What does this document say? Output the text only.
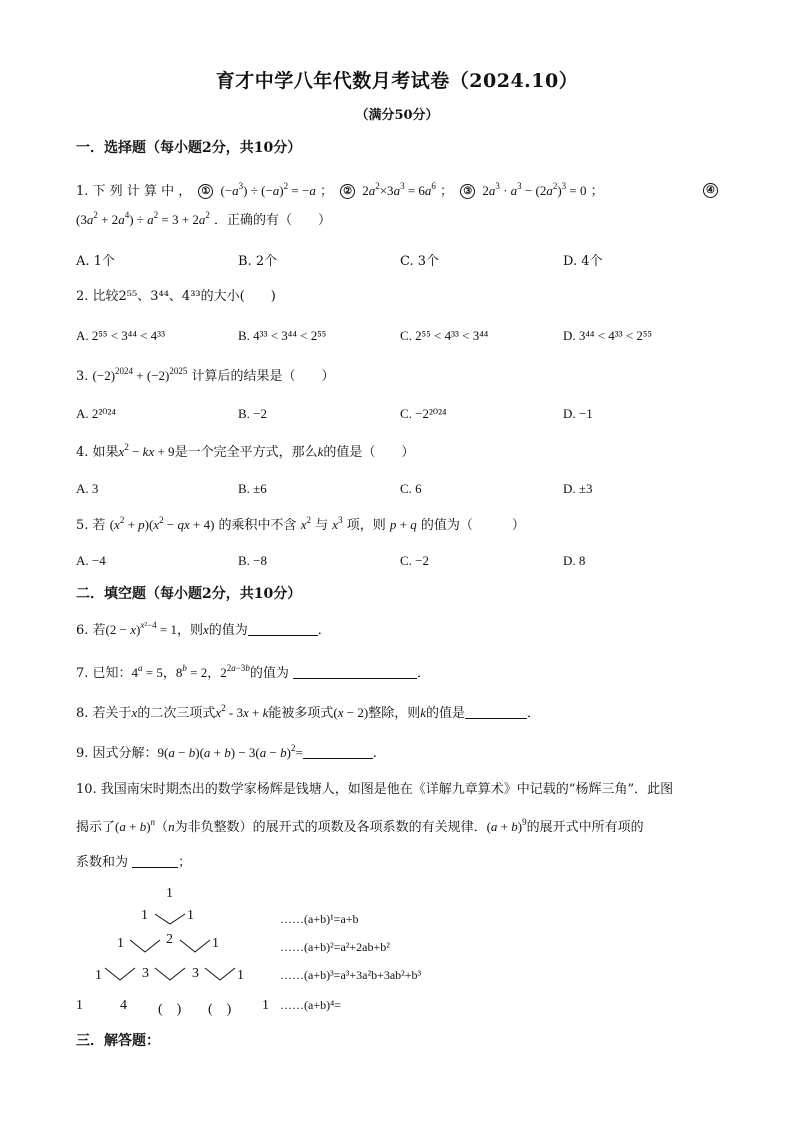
育才中学八年代数月考试卷（2024.10）
（满分50分）
一．选择题（每小题2分，共10分）
1. 下 列 计 算 中 ， ① $(-a^3) \div (-a)^2 = -a$ ； ② $2a^2\times 3a^3 = 6a^6$ ； ③ $2a^3 \cdot a^3 - (2a^2)^3 = 0$ ；	④
$(3a^2 + 2a^4) \div a^2 = 3 + 2a^2$ ．正确的有（　　）
A. 1个	B. 2个	C. 3个	D. 4个
2. 比较2⁵⁵、3⁴⁴、4³³的大小(　　)
A. 2⁵⁵ < 3⁴⁴ < 4³³	B. 4³³ < 3⁴⁴ < 2⁵⁵	C. 2⁵⁵ < 4³³ < 3⁴⁴	D. 3⁴⁴ < 4³³ < 2⁵⁵
3. $(-2)^{2024} + (-2)^{2025}$ 计算后的结果是（　　）
A. 2²⁰²⁴	B. −2	C. −2²⁰²⁴	D. −1
4. 如果$x^2$ − kx + 9是一个完全平方式，那么k的值是（　　）
A. 3	B. ±6	C. 6	D. ±3
5. 若 $(x^2 + p)(x^2$ − qx + 4) 的乘积中不含 $x^2$ 与 $x^3$ 项，则 p + q 的值为（　　　）
A. −4	B. −8	C. −2	D. 8
二．填空题（每小题2分，共10分）
6. 若$(2 - x)^{x^2-4} = 1$，则x的值为	．
7. 已知：$4^a = 5$，$8^b = 2$，$2^{2a-3b}$的值为	．
8. 若关于x的二次三项式$x^2 - 3x + k$能被多项式(x − 2)整除，则k的值是	．
9. 因式分解：$9(a - b)(a + b) - 3(a - b)^2=$	.
10. 我国南宋时期杰出的数学家杨辉是钱塘人，如图是他在《详解九章算术》中记载的“杨辉三角”．此图
揭示了$(a + b)^n(n$为非负整数）的展开式的项数及各项系数的有关规律．$(a + b)^9$的展开式中所有项的
系数和为	；
1
1	1
1	2	1
1	3	3	1
1	4 (　) (　) 1
……(a+b)¹=a+b
……(a+b)²=a²+2ab+b²
……(a+b)³=a³+3a²b+3ab²+b³
……(a+b)⁴=
三．解答题：
